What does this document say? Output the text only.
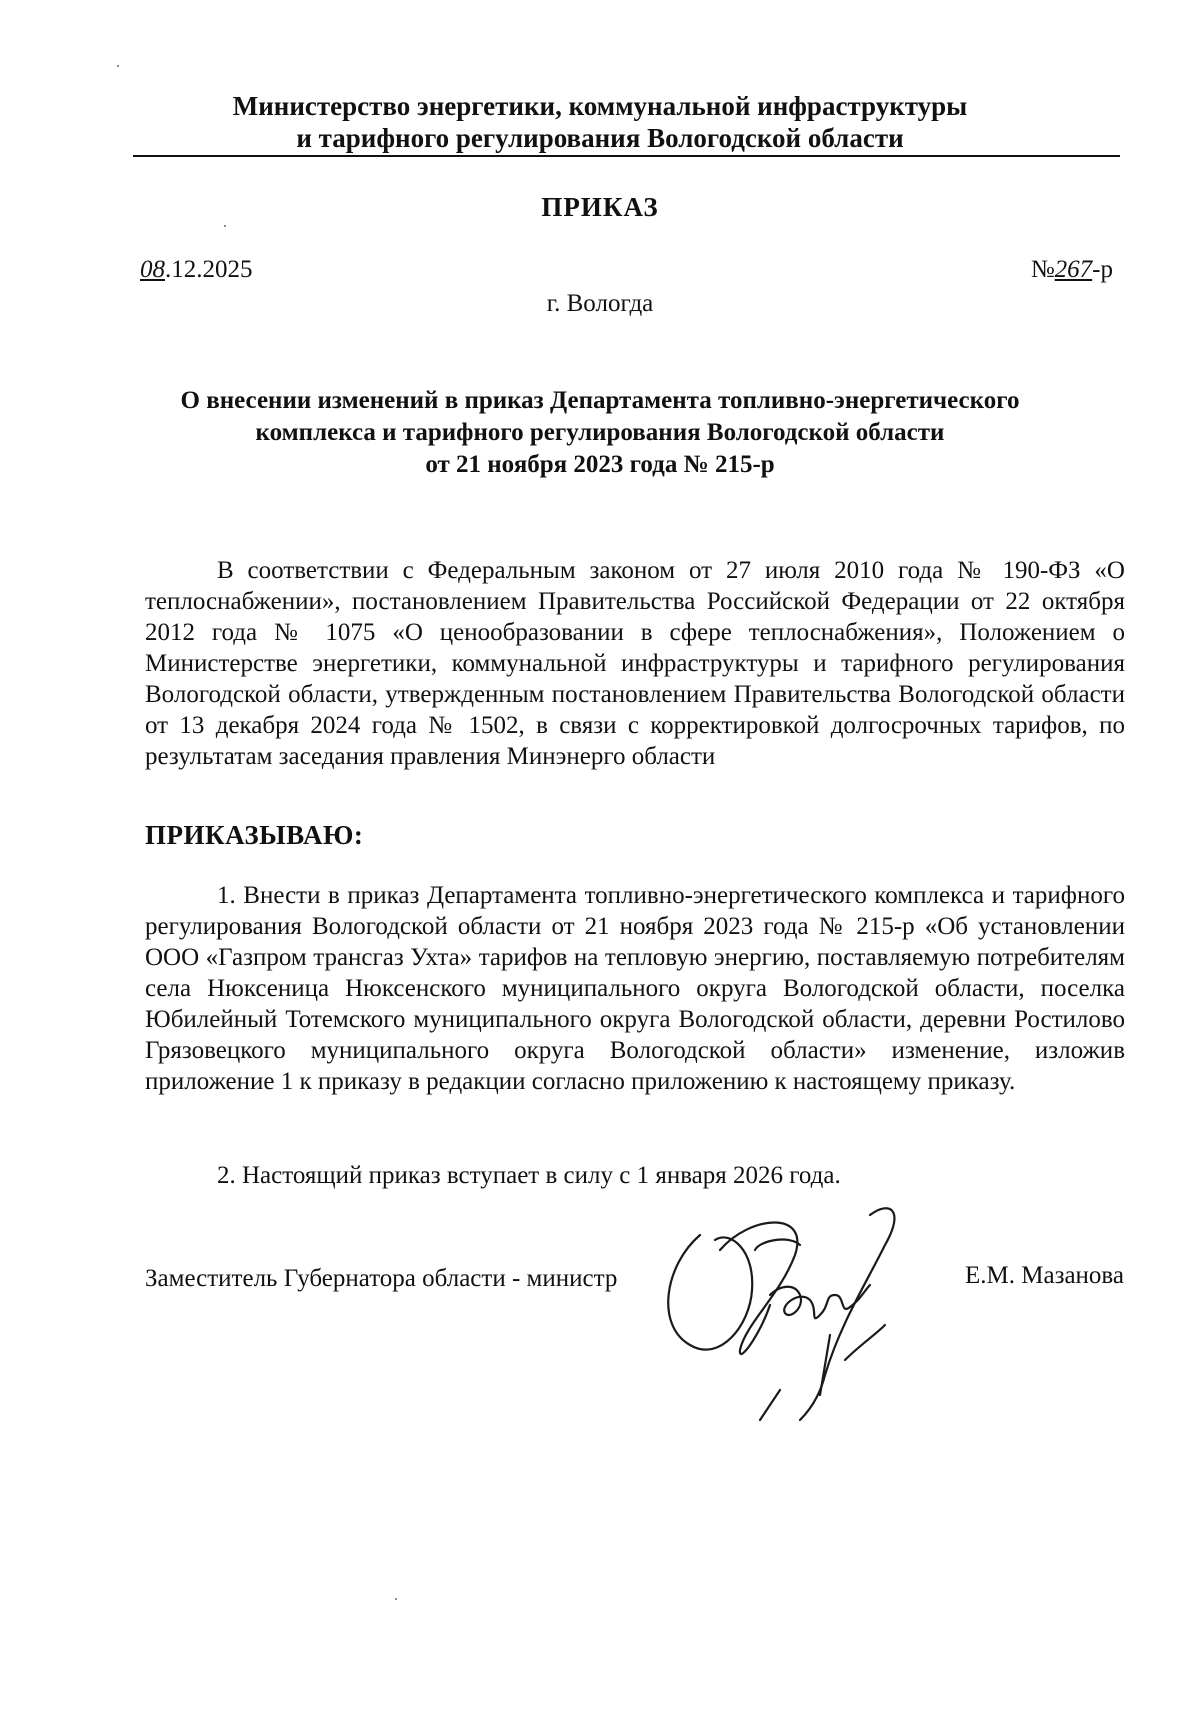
Министерство энергетики, коммунальной инфраструктуры
и тарифного регулирования Вологодской области
ПРИКАЗ
08.12.2025	№267-р
г. Вологда
О внесении изменений в приказ Департамента топливно-энергетического
комплекса и тарифного регулирования Вологодской области
от 21 ноября 2023 года № 215-р
В соответствии с Федеральным законом от 27 июля 2010 года № 190-ФЗ «О теплоснабжении», постановлением Правительства Российской Федерации от 22 октября 2012 года № 1075 «О ценообразовании в сфере теплоснабжения», Положением о Министерстве энергетики, коммунальной инфраструктуры и тарифного регулирования Вологодской области, утвержденным постановлением Правительства Вологодской области от 13 декабря 2024 года № 1502, в связи с корректировкой долгосрочных тарифов, по результатам заседания правления Минэнерго области
ПРИКАЗЫВАЮ:
1. Внести в приказ Департамента топливно-энергетического комплекса и тарифного регулирования Вологодской области от 21 ноября 2023 года № 215-р «Об установлении ООО «Газпром трансгаз Ухта» тарифов на тепловую энергию, поставляемую потребителям села Нюксеница Нюксенского муниципального округа Вологодской области, поселка Юбилейный Тотемского муниципального округа Вологодской области, деревни Ростилово Грязовецкого муниципального округа Вологодской области» изменение, изложив приложение 1 к приказу в редакции согласно приложению к настоящему приказу.
2. Настоящий приказ вступает в силу с 1 января 2026 года.
Заместитель Губернатора области - министр	Е.М. Мазанова
